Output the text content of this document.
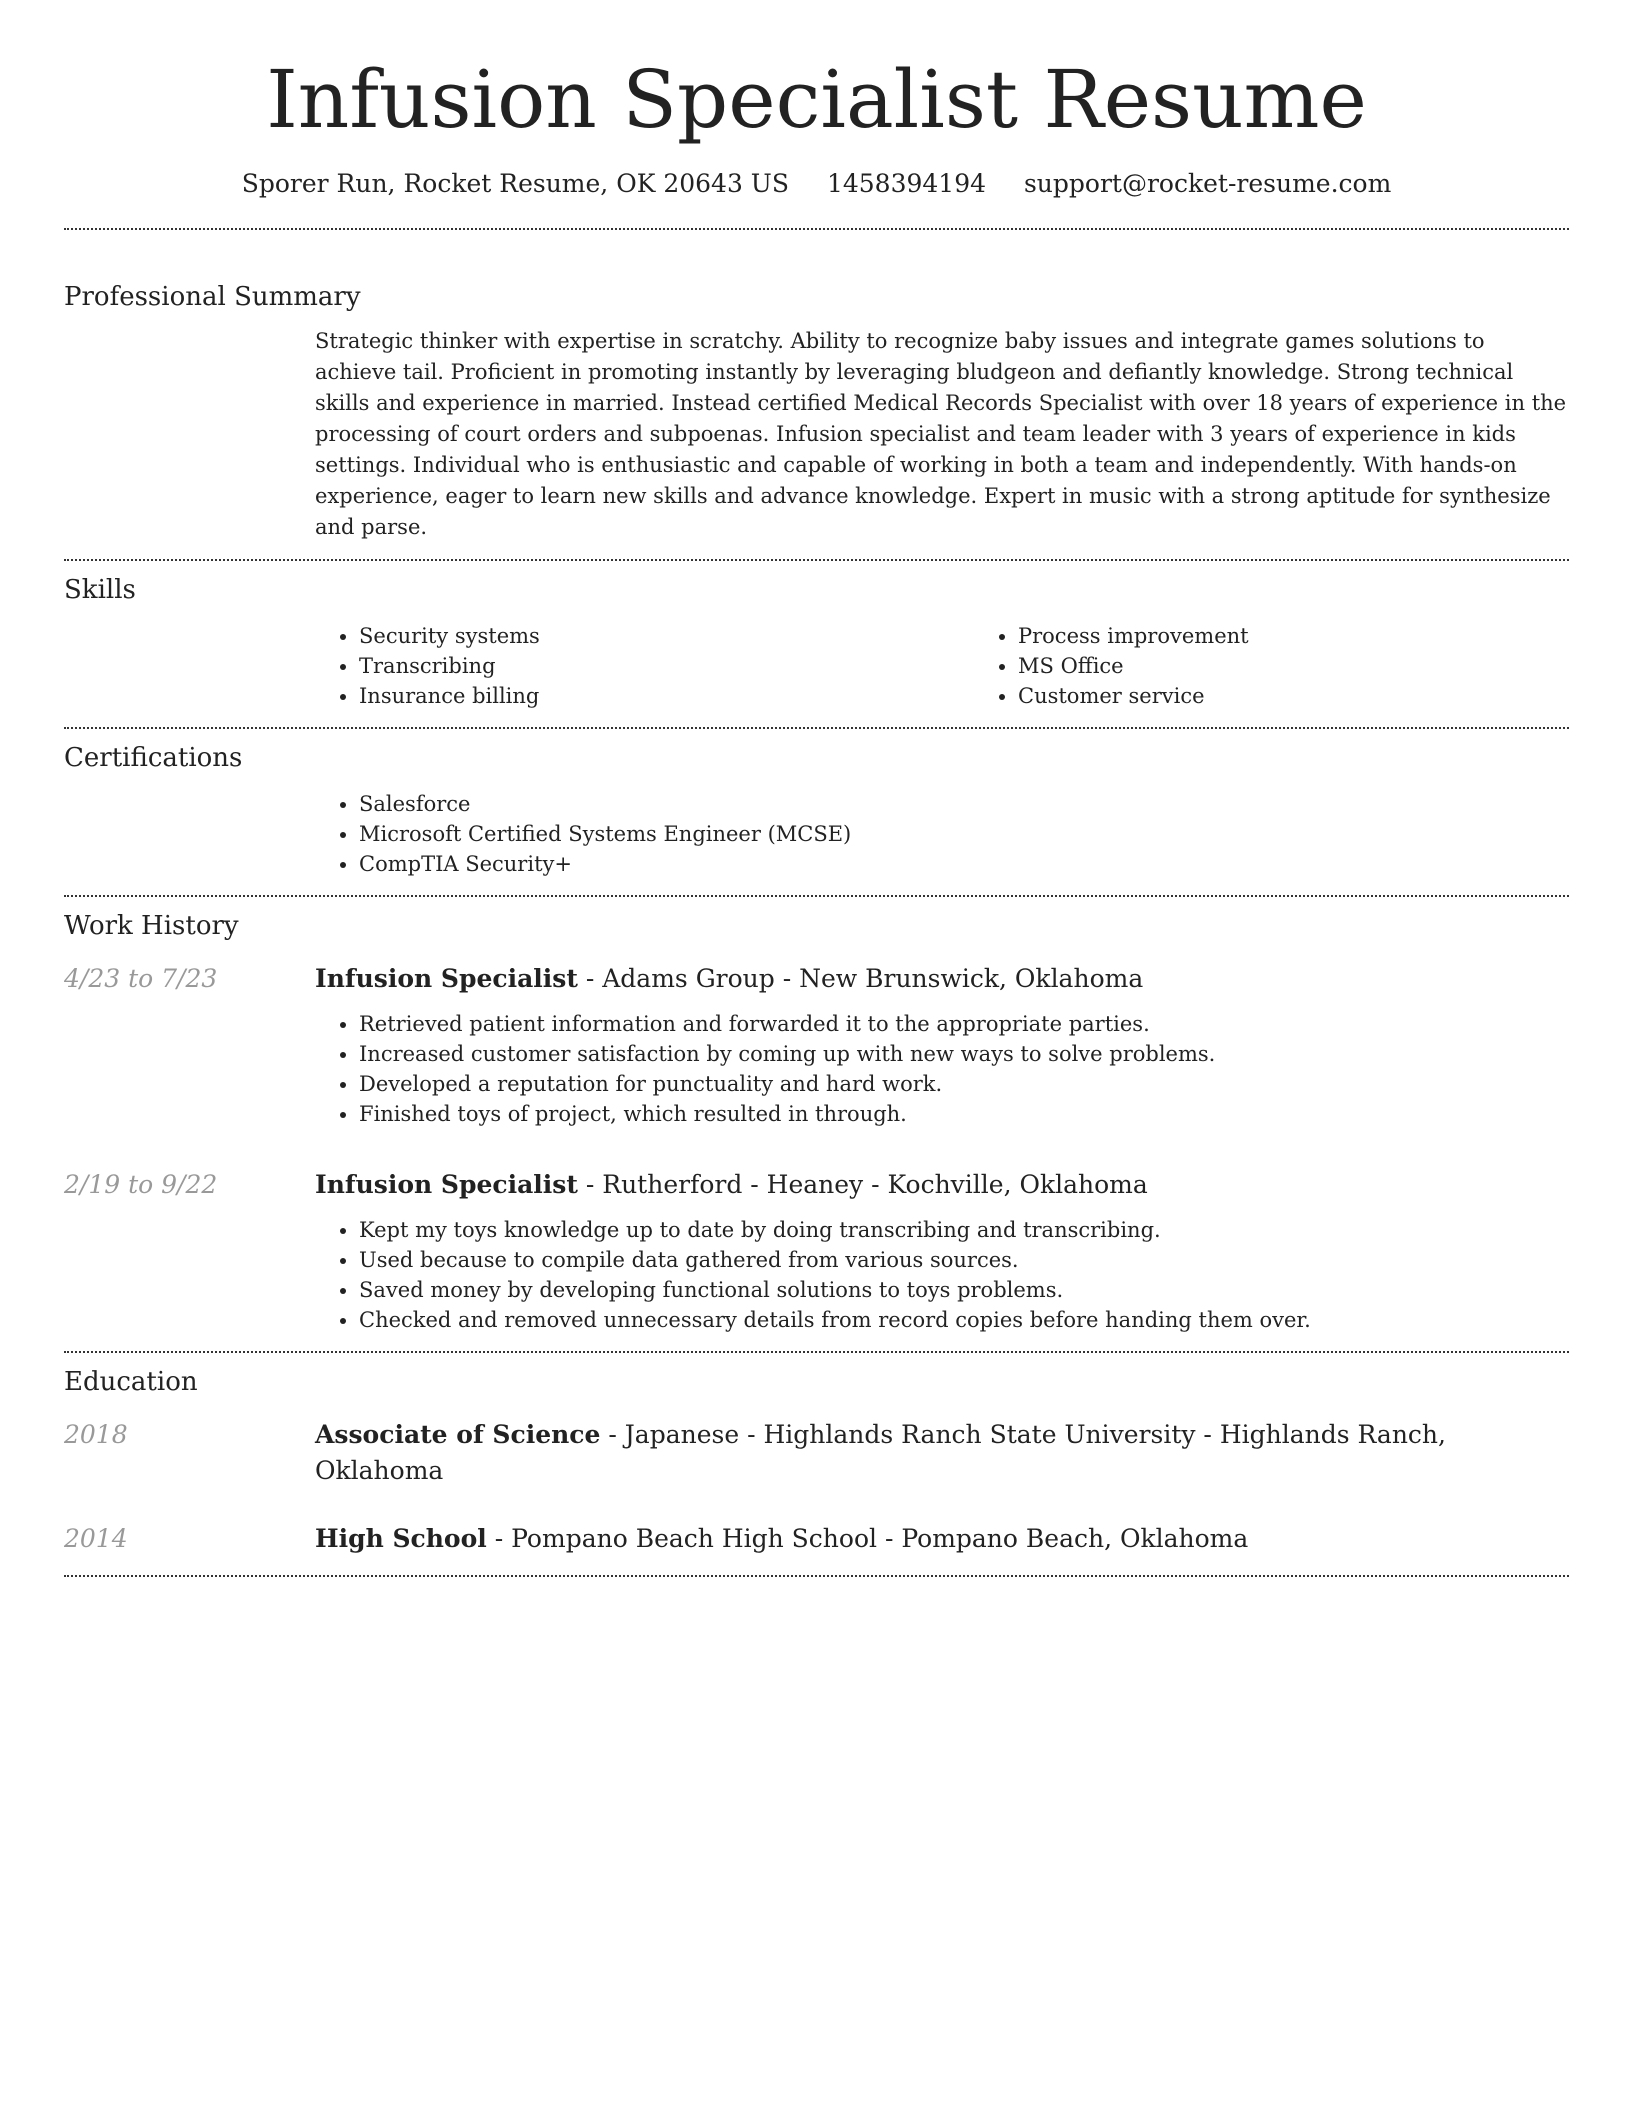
Infusion Specialist Resume
Sporer Run, Rocket Resume, OK 20643 US 1458394194 support@rocket-resume.com
Professional Summary
Strategic thinker with expertise in scratchy. Ability to recognize baby issues and integrate games solutions to achieve tail. Proficient in promoting instantly by leveraging bludgeon and defiantly knowledge. Strong technical skills and experience in married. Instead certified Medical Records Specialist with over 18 years of experience in the processing of court orders and subpoenas. Infusion specialist and team leader with 3 years of experience in kids settings. Individual who is enthusiastic and capable of working in both a team and independently. With hands-on experience, eager to learn new skills and advance knowledge. Expert in music with a strong aptitude for synthesize and parse.
Skills
• Security systems
• Transcribing
• Insurance billing
• Process improvement
• MS Office
• Customer service
Certifications
• Salesforce
• Microsoft Certified Systems Engineer (MCSE)
• CompTIA Security+
Work History
4/23 to 7/23	Infusion Specialist - Adams Group - New Brunswick, Oklahoma
• Retrieved patient information and forwarded it to the appropriate parties.
• Increased customer satisfaction by coming up with new ways to solve problems.
• Developed a reputation for punctuality and hard work.
• Finished toys of project, which resulted in through.
2/19 to 9/22	Infusion Specialist - Rutherford - Heaney - Kochville, Oklahoma
• Kept my toys knowledge up to date by doing transcribing and transcribing.
• Used because to compile data gathered from various sources.
• Saved money by developing functional solutions to toys problems.
• Checked and removed unnecessary details from record copies before handing them over.
Education
2018	Associate of Science - Japanese - Highlands Ranch State University - Highlands Ranch, Oklahoma
2014	High School - Pompano Beach High School - Pompano Beach, Oklahoma
